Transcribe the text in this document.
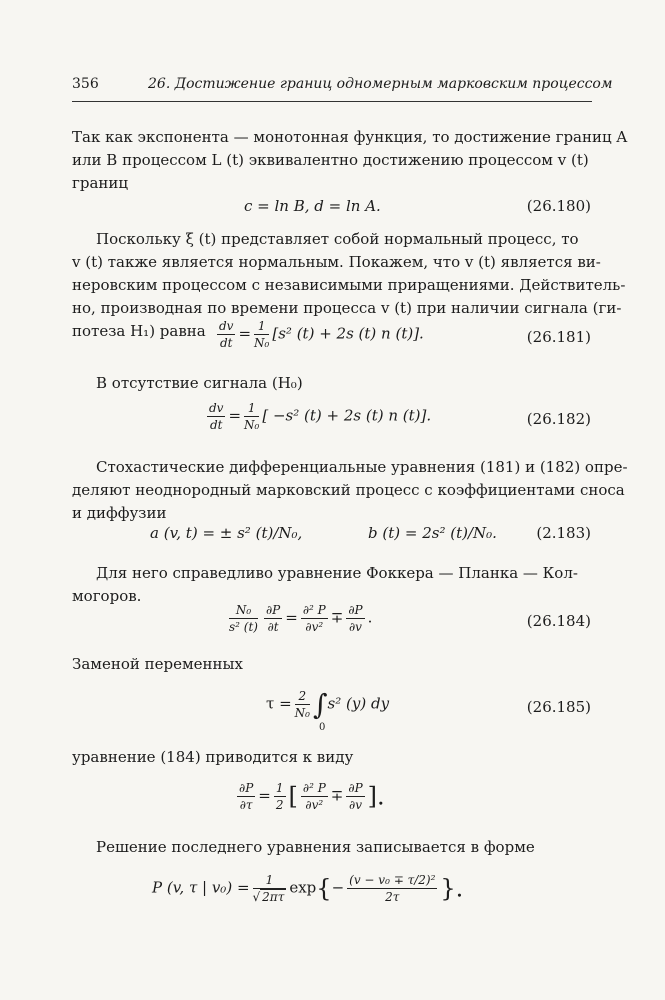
356	26. Достижение границ одномерным марковским процессом
Так как экспонента — монотонная функция, то достижение границ A
или B процессом L (t) эквивалентно достижению процессом v (t)
границ
c = ln B, d = ln A.	(26.180)
Поскольку ξ (t) представляет собой нормальный процесс, то
v (t) также является нормальным. Покажем, что v (t) является ви-
неровским процессом с независимыми приращениями. Действитель-
но, производная по времени процесса v (t) при наличии сигнала (ги-
потеза H₁) равна $\frac{dv}{dt} = \frac{1}{\text{N₀}} [s^2$ (t) + 2s (t) n (t)].	(26.181)
В отсутствие сигнала (H₀)
$\frac{dv}{dt} = \frac{1}{\text{N₀}}$ [ −s² (t) + 2s (t) n (t)].	(26.182)
Стохастические дифференциальные уравнения (181) и (182) опре-
деляют неоднородный марковский процесс с коэффициентами сноса
и диффузии
a (v, t) = ± s² (t)/N₀,	b (t) = 2s² (t)/N₀.	(2.183)
Для него справедливо уравнение Фоккера — Планка — Кол-
могоров.
$\frac{\text{N₀}}{\text{s² (t)}} \frac{\partial P}{\partial t} = \frac{\text{∂² P}}{\text{∂v²}} \mp \frac{\partial P}{\partial v}$ .	(26.184)
Заменой переменных
$\tau = \frac{2}{\text{N₀}}$ ∫
0
s² (y) dy	(26.185)
уравнение (184) приводится к виду
$\frac{\partial P}{\partial\tau} = \frac{1}{2}$ [ $\frac{\text{∂² P}}{\text{∂v²}} \mp \frac{\partial P}{\partial v}$ ].
Решение последнего уравнения записывается в форме
P (v, τ | $v_0) = \frac{1}{√ 2\pi\tau} \exp\{- \frac{\text{(v − v₀ ∓ τ/2)²}}{2\tau}$ }.
